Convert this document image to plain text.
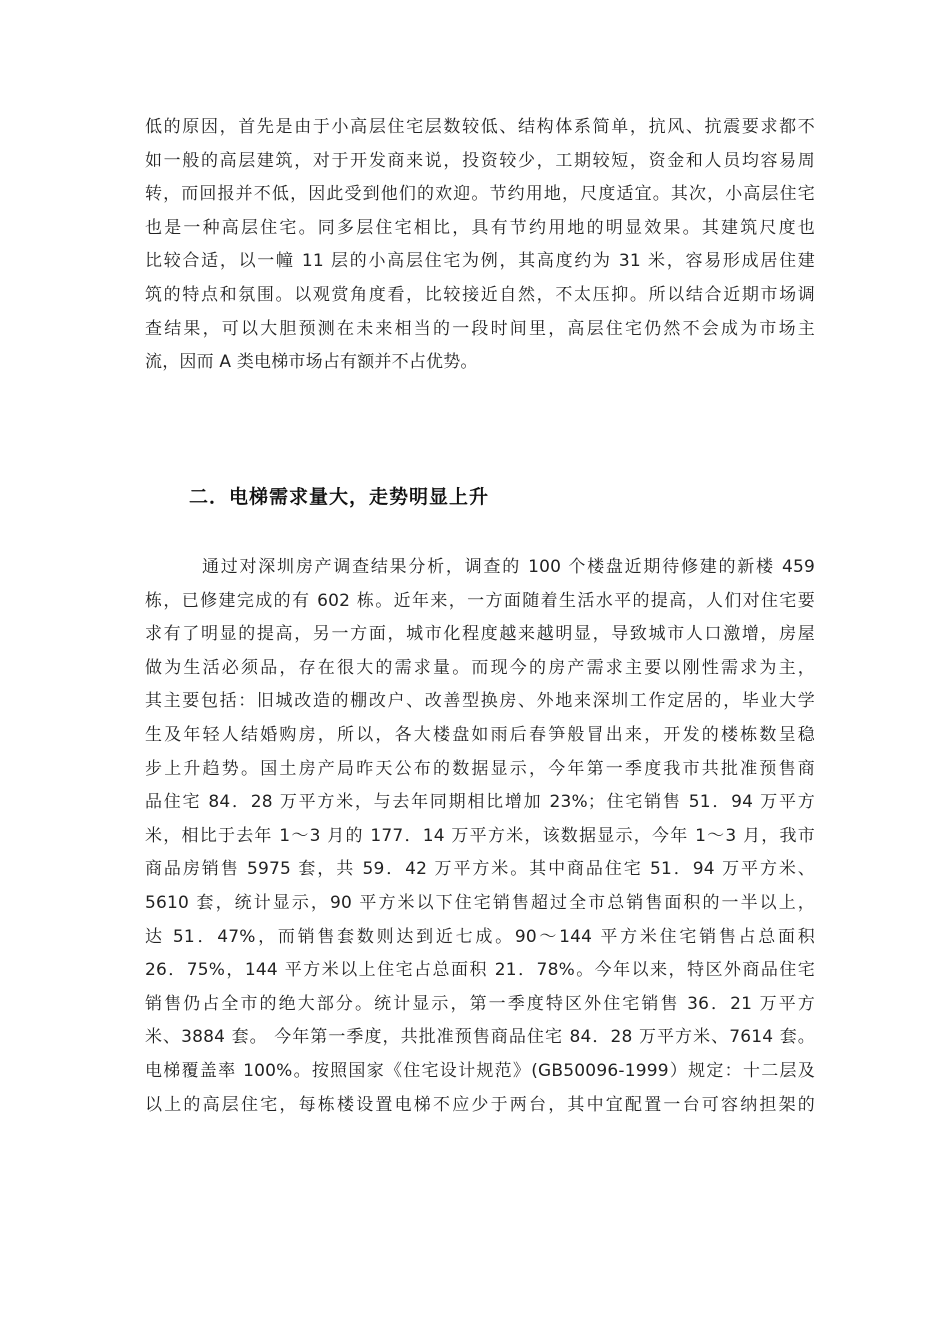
低的原因，首先是由于小高层住宅层数较低、结构体系简单，抗风、抗震要求都不
如一般的高层建筑，对于开发商来说，投资较少，工期较短，资金和人员均容易周
转，而回报并不低，因此受到他们的欢迎。节约用地，尺度适宜。其次，小高层住宅
也是一种高层住宅。同多层住宅相比，具有节约用地的明显效果。其建筑尺度也
比较合适，以一幢 11 层的小高层住宅为例，其高度约为 31 米，容易形成居住建
筑的特点和氛围。以观赏角度看，比较接近自然，不太压抑。所以结合近期市场调
查结果，可以大胆预测在未来相当的一段时间里，高层住宅仍然不会成为市场主
流，因而 A 类电梯市场占有额并不占优势。
二．电梯需求量大，走势明显上升
通过对深圳房产调查结果分析，调查的 100 个楼盘近期待修建的新楼 459
栋，已修建完成的有 602 栋。近年来，一方面随着生活水平的提高，人们对住宅要
求有了明显的提高，另一方面，城市化程度越来越明显，导致城市人口激增，房屋
做为生活必须品，存在很大的需求量。而现今的房产需求主要以刚性需求为主，
其主要包括：旧城改造的棚改户、改善型换房、外地来深圳工作定居的，毕业大学
生及年轻人结婚购房，所以，各大楼盘如雨后春笋般冒出来，开发的楼栋数呈稳
步上升趋势。国土房产局昨天公布的数据显示，今年第一季度我市共批准预售商
品住宅 84．28 万平方米，与去年同期相比增加 23%；住宅销售 51．94 万平方
米，相比于去年 1～3 月的 177．14 万平方米，该数据显示，今年 1～3 月，我市
商品房销售 5975 套，共 59．42 万平方米。其中商品住宅 51．94 万平方米、
5610 套，统计显示，90 平方米以下住宅销售超过全市总销售面积的一半以上，
达 51．47%，而销售套数则达到近七成。90～144 平方米住宅销售占总面积
26．75%，144 平方米以上住宅占总面积 21．78%。今年以来，特区外商品住宅
销售仍占全市的绝大部分。统计显示，第一季度特区外住宅销售 36．21 万平方
米、3884 套。 今年第一季度，共批准预售商品住宅 84．28 万平方米、7614 套。
电梯覆盖率 100%。按照国家《住宅设计规范》(GB50096-1999）规定：十二层及
以上的高层住宅，每栋楼设置电梯不应少于两台，其中宜配置一台可容纳担架的
